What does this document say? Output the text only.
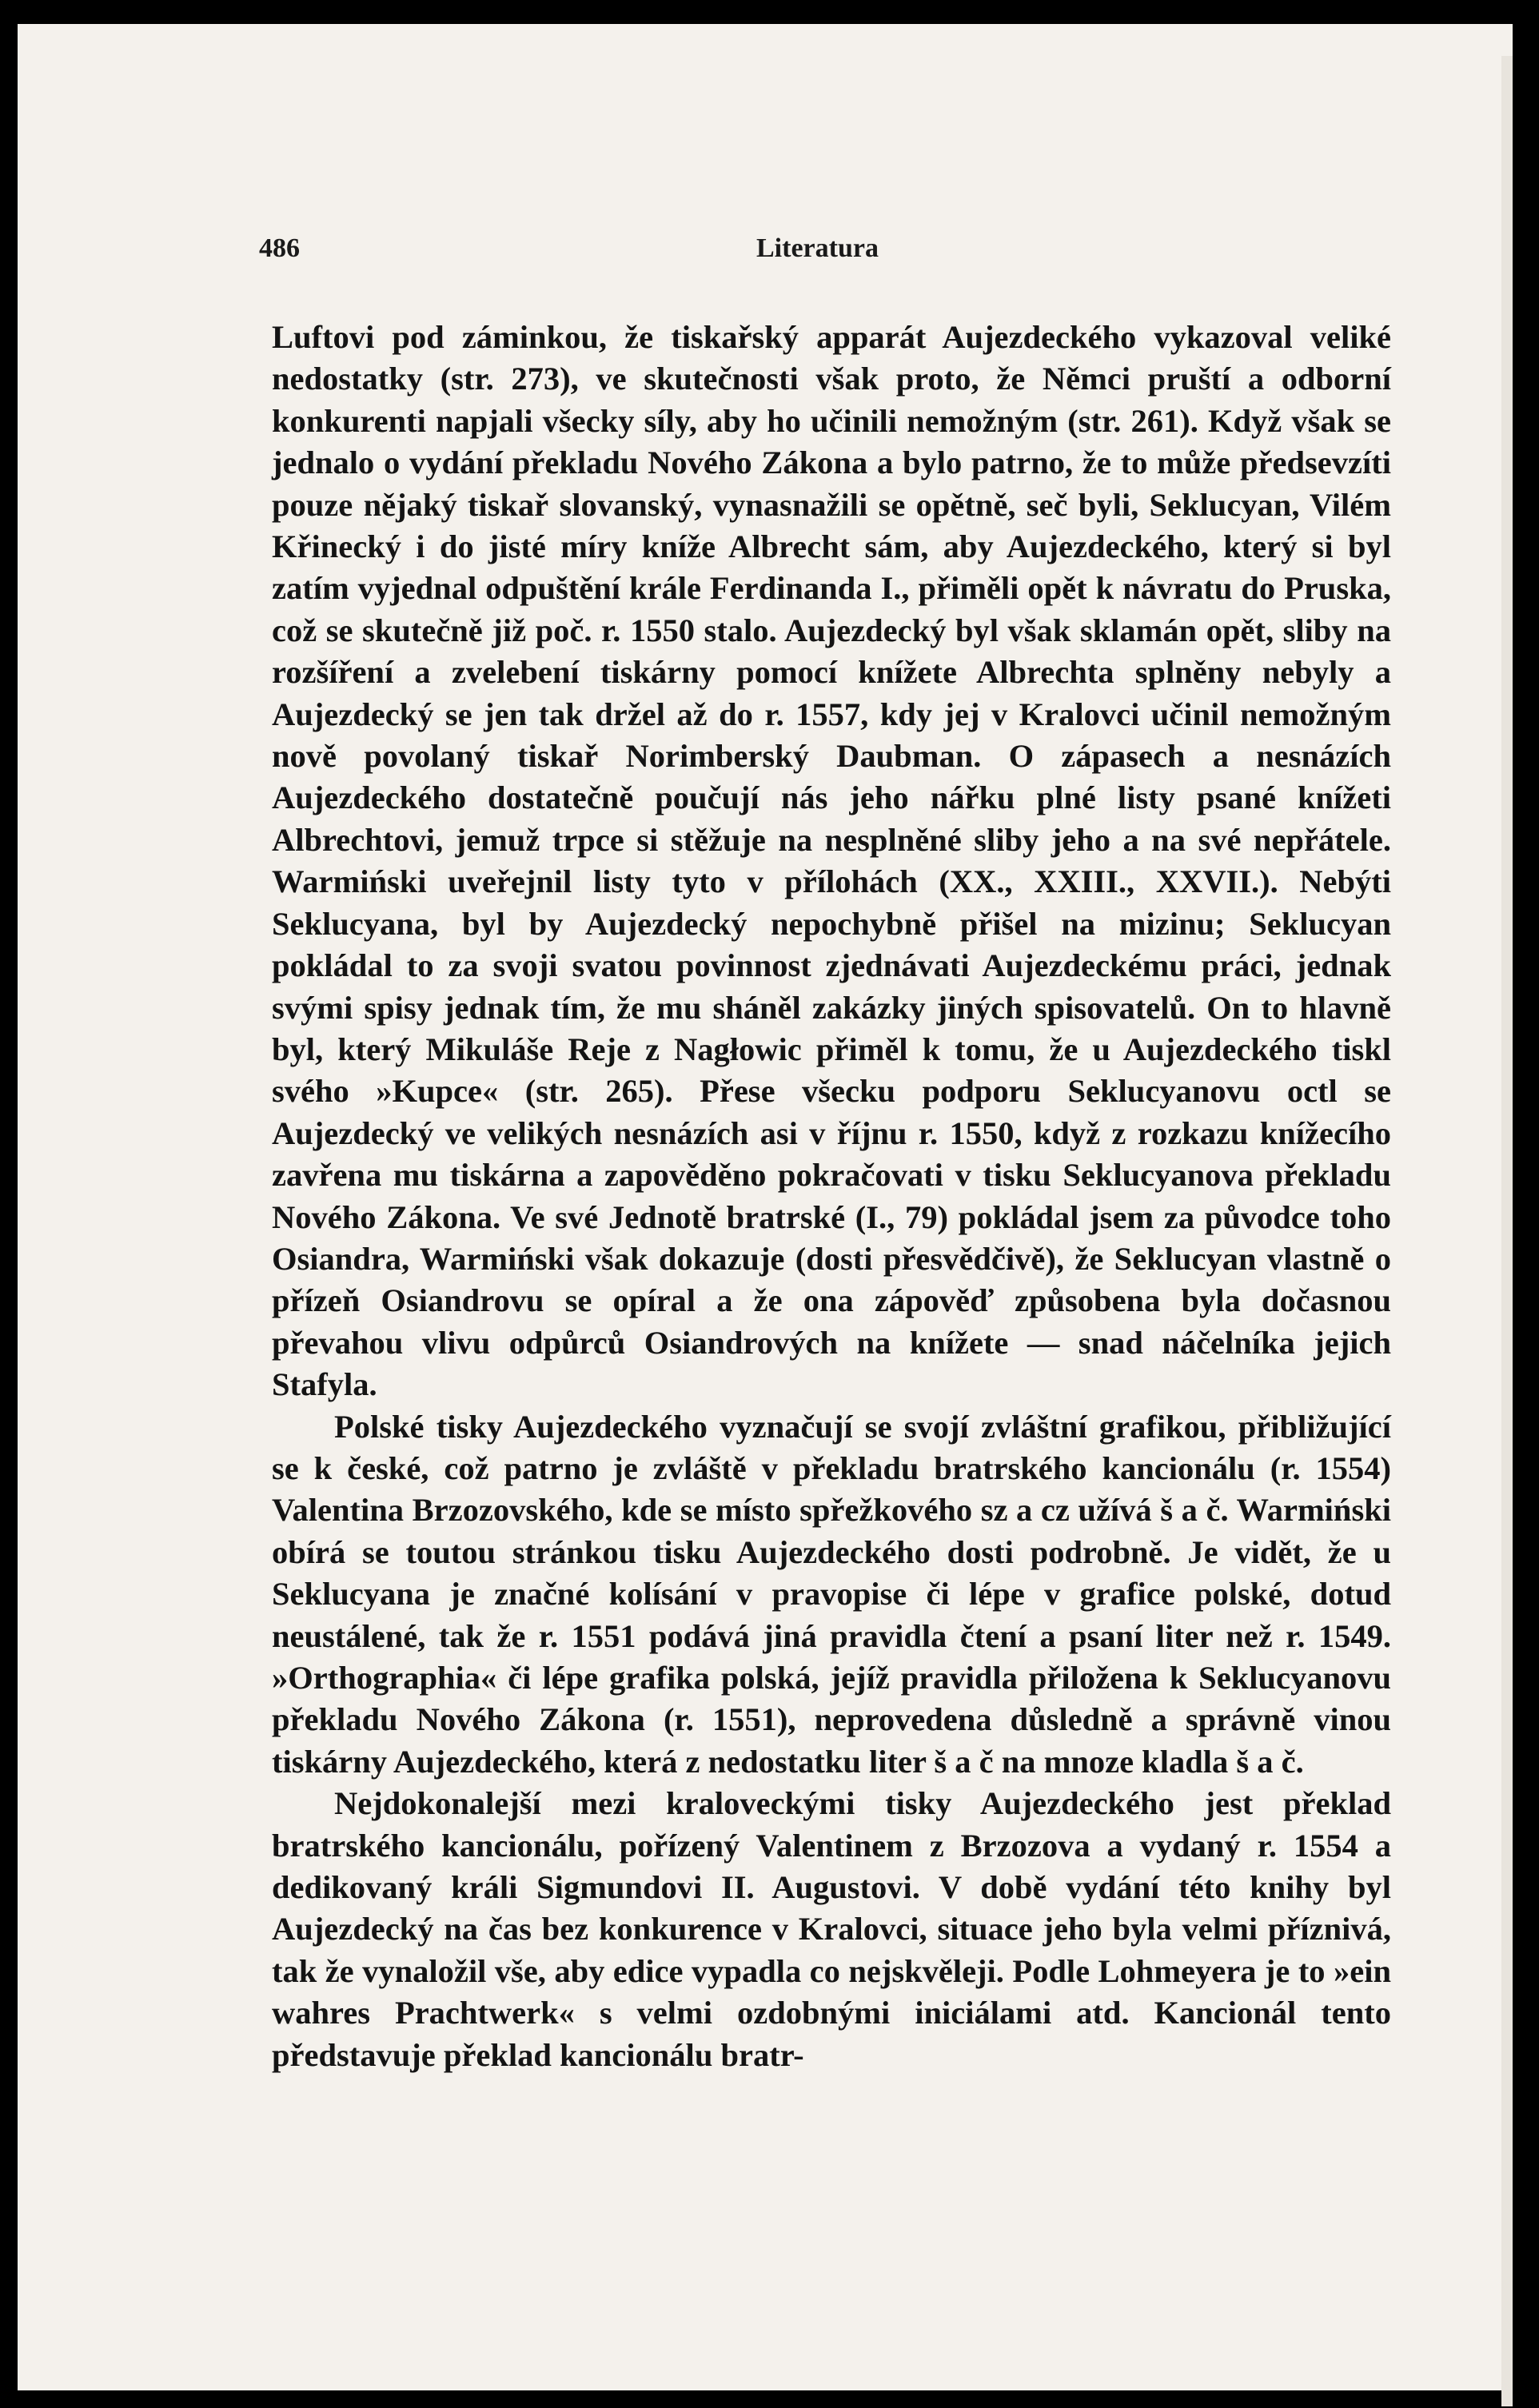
486	Literatura

Luftovi pod záminkou, že tiskařský apparát Aujezdeckého vykazoval veliké nedostatky (str. 273), ve skutečnosti však proto, že Němci pruští a odborní konkurenti napjali všecky síly, aby ho učinili nemožným (str. 261). Když však se jednalo o vydání překladu Nového Zákona a bylo patrno, že to může předsevzíti pouze nějaký tiskař slovanský, vynasnažili se opětně, seč byli, Seklucyan, Vilém Křinecký i do jisté míry kníže Albrecht sám, aby Aujezdeckého, který si byl zatím vyjednal odpuštění krále Ferdinanda I., přiměli opět k návratu do Pruska, což se skutečně již poč. r. 1550 stalo. Aujezdecký byl však sklamán opět, sliby na rozšíření a zvelebení tiskárny pomocí knížete Albrechta splněny nebyly a Aujezdecký se jen tak držel až do r. 1557, kdy jej v Kralovci učinil nemožným nově povolaný tiskař Norimberský Daubman. O zápasech a nesnázích Aujezdeckého dostatečně poučují nás jeho nářku plné listy psané knížeti Albrechtovi, jemuž trpce si stěžuje na nesplněné sliby jeho a na své nepřátele. Warmiński uveřejnil listy tyto v přílohách (XX., XXIII., XXVII.). Nebýti Seklucyana, byl by Aujezdecký nepochybně přišel na mizinu; Seklucyan pokládal to za svoji svatou povinnost zjednávati Aujezdeckému práci, jednak svými spisy jednak tím, že mu sháněl zakázky jiných spisovatelů. On to hlavně byl, který Mikuláše Reje z Nagłowic přiměl k tomu, že u Aujezdeckého tiskl svého »Kupce« (str. 265). Přese všecku podporu Seklucyanovu octl se Aujezdecký ve velikých nesnázích asi v říjnu r. 1550, když z rozkazu knížecího zavřena mu tiskárna a zapověděno pokračovati v tisku Seklucyanova překladu Nového Zákona. Ve své Jednotě bratrské (I., 79) pokládal jsem za původce toho Osiandra, Warmiński však dokazuje (dosti přesvědčivě), že Seklucyan vlastně o přízeň Osiandrovu se opíral a že ona zápověď způsobena byla dočasnou převahou vlivu odpůrců Osiandrových na knížete — snad náčelníka jejich Stafyla.

Polské tisky Aujezdeckého vyznačují se svojí zvláštní grafikou, přibližující se k české, což patrno je zvláště v překladu bratrského kancionálu (r. 1554) Valentina Brzozovského, kde se místo spřežkového sz a cz užívá š a č. Warmiński obírá se toutou stránkou tisku Aujezdeckého dosti podrobně. Je vidět, že u Seklucyana je značné kolísání v pravopise či lépe v grafice polské, dotud neustálené, tak že r. 1551 podává jiná pravidla čtení a psaní liter než r. 1549. »Orthographia« či lépe grafika polská, jejíž pravidla přiložena k Seklucyanovu překladu Nového Zákona (r. 1551), neprovedena důsledně a správně vinou tiskárny Aujezdeckého, která z nedostatku liter š a č na mnoze kladla š a č.

Nejdokonalejší mezi kraloveckými tisky Aujezdeckého jest překlad bratrského kancionálu, pořízený Valentinem z Brzozova a vydaný r. 1554 a dedikovaný králi Sigmundovi II. Augustovi. V době vydání této knihy byl Aujezdecký na čas bez konkurence v Kralovci, situace jeho byla velmi příznivá, tak že vynaložil vše, aby edice vypadla co nejskvěleji. Podle Lohmeyera je to »ein wahres Prachtwerk« s velmi ozdobnými iniciálami atd. Kancionál tento představuje překlad kancionálu bratr-
